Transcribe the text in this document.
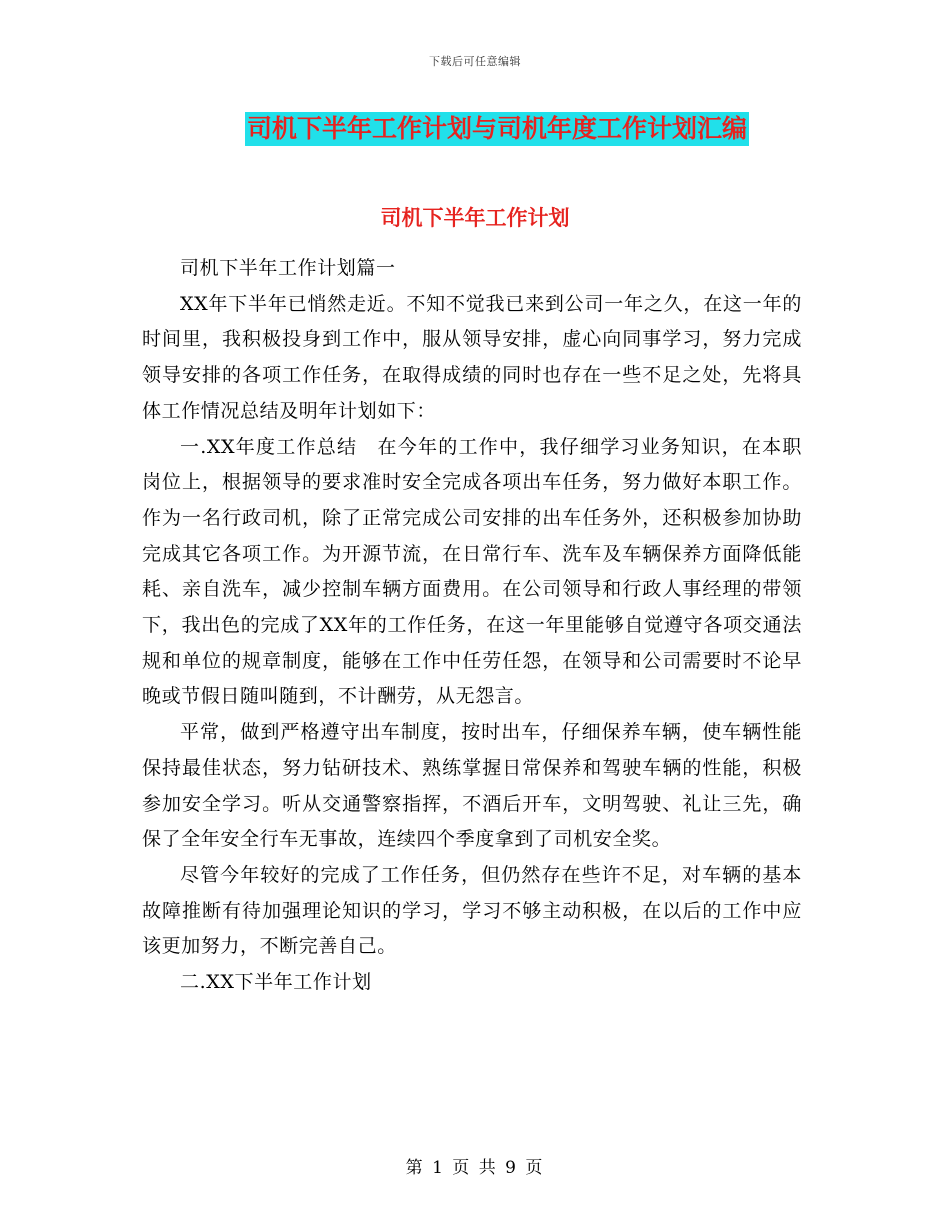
下载后可任意编辑
司机下半年工作计划与司机年度工作计划汇编
司机下半年工作计划

司机下半年工作计划篇一

XX年下半年已悄然走近。不知不觉我已来到公司一年之久，在这一年的时间里，我积极投身到工作中，服从领导安排，虚心向同事学习，努力完成领导安排的各项工作任务，在取得成绩的同时也存在一些不足之处，先将具体工作情况总结及明年计划如下：

一.XX年度工作总结　在今年的工作中，我仔细学习业务知识，在本职岗位上，根据领导的要求准时安全完成各项出车任务，努力做好本职工作。作为一名行政司机，除了正常完成公司安排的出车任务外，还积极参加协助完成其它各项工作。为开源节流，在日常行车、洗车及车辆保养方面降低能耗、亲自洗车，减少控制车辆方面费用。在公司领导和行政人事经理的带领下，我出色的完成了XX年的工作任务，在这一年里能够自觉遵守各项交通法规和单位的规章制度，能够在工作中任劳任怨，在领导和公司需要时不论早晚或节假日随叫随到，不计酬劳，从无怨言。

平常，做到严格遵守出车制度，按时出车，仔细保养车辆，使车辆性能保持最佳状态，努力钻研技术、熟练掌握日常保养和驾驶车辆的性能，积极参加安全学习。听从交通警察指挥，不酒后开车，文明驾驶、礼让三先，确保了全年安全行车无事故，连续四个季度拿到了司机安全奖。

尽管今年较好的完成了工作任务，但仍然存在些许不足，对车辆的基本故障推断有待加强理论知识的学习，学习不够主动积极，在以后的工作中应该更加努力，不断完善自己。

二.XX下半年工作计划

第 1 页 共 9 页
